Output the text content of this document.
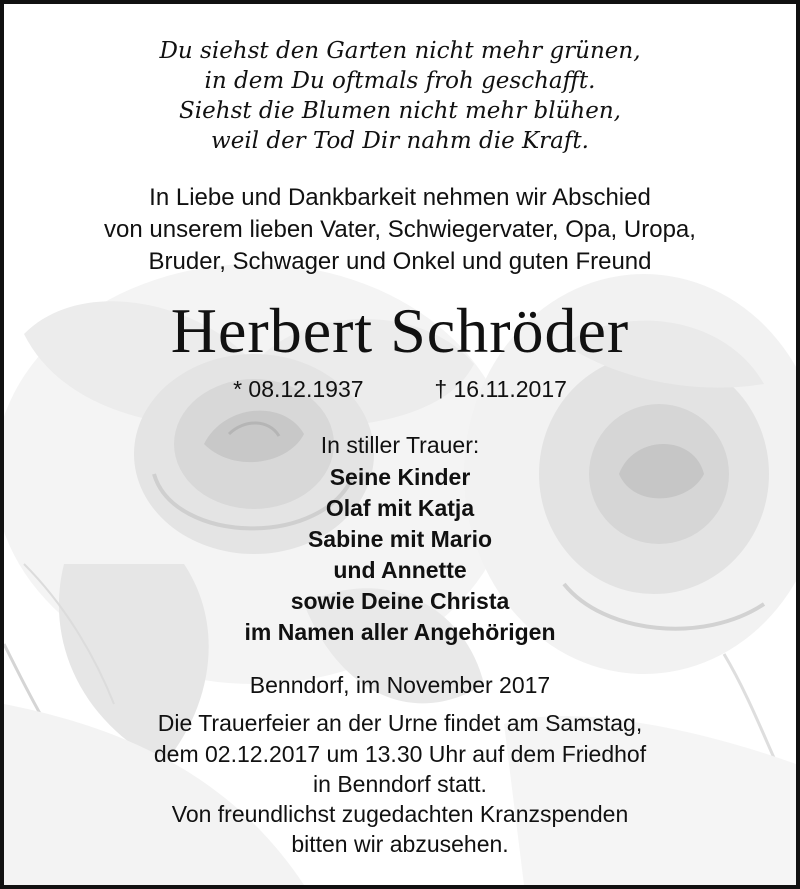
Du siehst den Garten nicht mehr grünen,
in dem Du oftmals froh geschafft.
Siehst die Blumen nicht mehr blühen,
weil der Tod Dir nahm die Kraft.
In Liebe und Dankbarkeit nehmen wir Abschied
von unserem lieben Vater, Schwiegervater, Opa, Uropa,
Bruder, Schwager und Onkel und guten Freund
Herbert Schröder
* 08.12.1937	† 16.11.2017
In stiller Trauer:
Seine Kinder
Olaf mit Katja
Sabine mit Mario
und Annette
sowie Deine Christa
im Namen aller Angehörigen
Benndorf, im November 2017
Die Trauerfeier an der Urne findet am Samstag,
dem 02.12.2017 um 13.30 Uhr auf dem Friedhof
in Benndorf statt.
Von freundlichst zugedachten Kranzspenden
bitten wir abzusehen.
